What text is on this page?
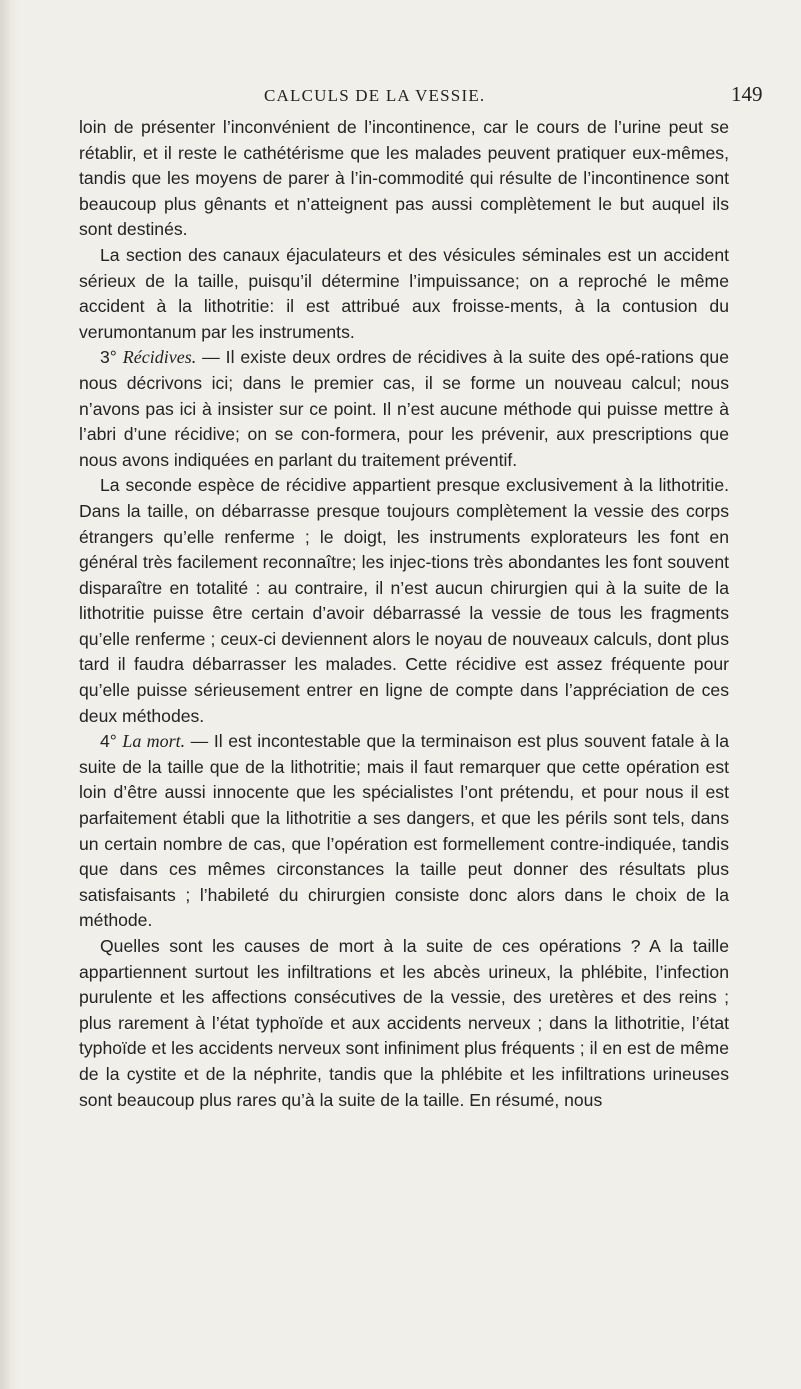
CALCULS DE LA VESSIE.	149

loin de présenter l’inconvénient de l’incontinence, car le cours de l’urine peut se rétablir, et il reste le cathétérisme que les malades peuvent pratiquer eux-mêmes, tandis que les moyens de parer à l’in-commodité qui résulte de l’incontinence sont beaucoup plus gênants et n’atteignent pas aussi complètement le but auquel ils sont destinés.

La section des canaux éjaculateurs et des vésicules séminales est un accident sérieux de la taille, puisqu’il détermine l’impuissance; on a reproché le même accident à la lithotritie: il est attribué aux froisse-ments, à la contusion du verumontanum par les instruments.

3° Récidives. — Il existe deux ordres de récidives à la suite des opé-rations que nous décrivons ici; dans le premier cas, il se forme un nouveau calcul; nous n’avons pas ici à insister sur ce point. Il n’est aucune méthode qui puisse mettre à l’abri d’une récidive; on se con-formera, pour les prévenir, aux prescriptions que nous avons indiquées en parlant du traitement préventif.

La seconde espèce de récidive appartient presque exclusivement à la lithotritie. Dans la taille, on débarrasse presque toujours complètement la vessie des corps étrangers qu’elle renferme ; le doigt, les instruments explorateurs les font en général très facilement reconnaître; les injec-tions très abondantes les font souvent disparaître en totalité : au contraire, il n’est aucun chirurgien qui à la suite de la lithotritie puisse être certain d’avoir débarrassé la vessie de tous les fragments qu’elle renferme ; ceux-ci deviennent alors le noyau de nouveaux calculs, dont plus tard il faudra débarrasser les malades. Cette récidive est assez fréquente pour qu’elle puisse sérieusement entrer en ligne de compte dans l’appréciation de ces deux méthodes.

4° La mort. — Il est incontestable que la terminaison est plus souvent fatale à la suite de la taille que de la lithotritie; mais il faut remarquer que cette opération est loin d’être aussi innocente que les spécialistes l’ont prétendu, et pour nous il est parfaitement établi que la lithotritie a ses dangers, et que les périls sont tels, dans un certain nombre de cas, que l’opération est formellement contre-indiquée, tandis que dans ces mêmes circonstances la taille peut donner des résultats plus satisfaisants ; l’habileté du chirurgien consiste donc alors dans le choix de la méthode.

Quelles sont les causes de mort à la suite de ces opérations ? A la taille appartiennent surtout les infiltrations et les abcès urineux, la phlébite, l’infection purulente et les affections consécutives de la vessie, des uretères et des reins ; plus rarement à l’état typhoïde et aux accidents nerveux ; dans la lithotritie, l’état typhoïde et les accidents nerveux sont infiniment plus fréquents ; il en est de même de la cystite et de la néphrite, tandis que la phlébite et les infiltrations urineuses sont beaucoup plus rares qu’à la suite de la taille. En résumé, nous
